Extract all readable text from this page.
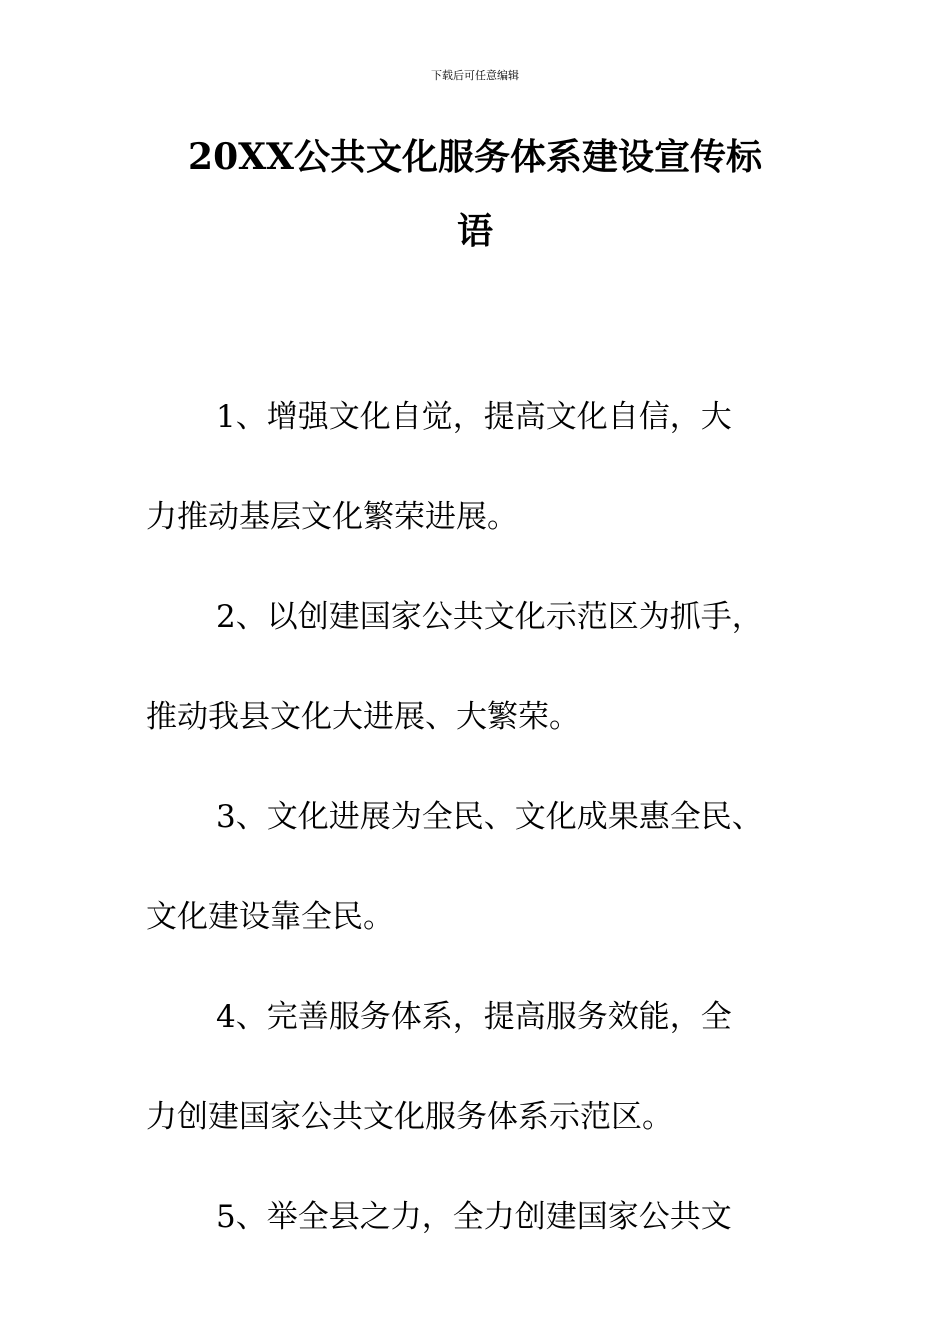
下载后可任意编辑
20XX公共文化服务体系建设宣传标
语
1、增强文化自觉，提高文化自信，大
力推动基层文化繁荣进展。
2、以创建国家公共文化示范区为抓手，
推动我县文化大进展、大繁荣。
3、文化进展为全民、文化成果惠全民、
文化建设靠全民。
4、完善服务体系，提高服务效能，全
力创建国家公共文化服务体系示范区。
5、举全县之力，全力创建国家公共文
